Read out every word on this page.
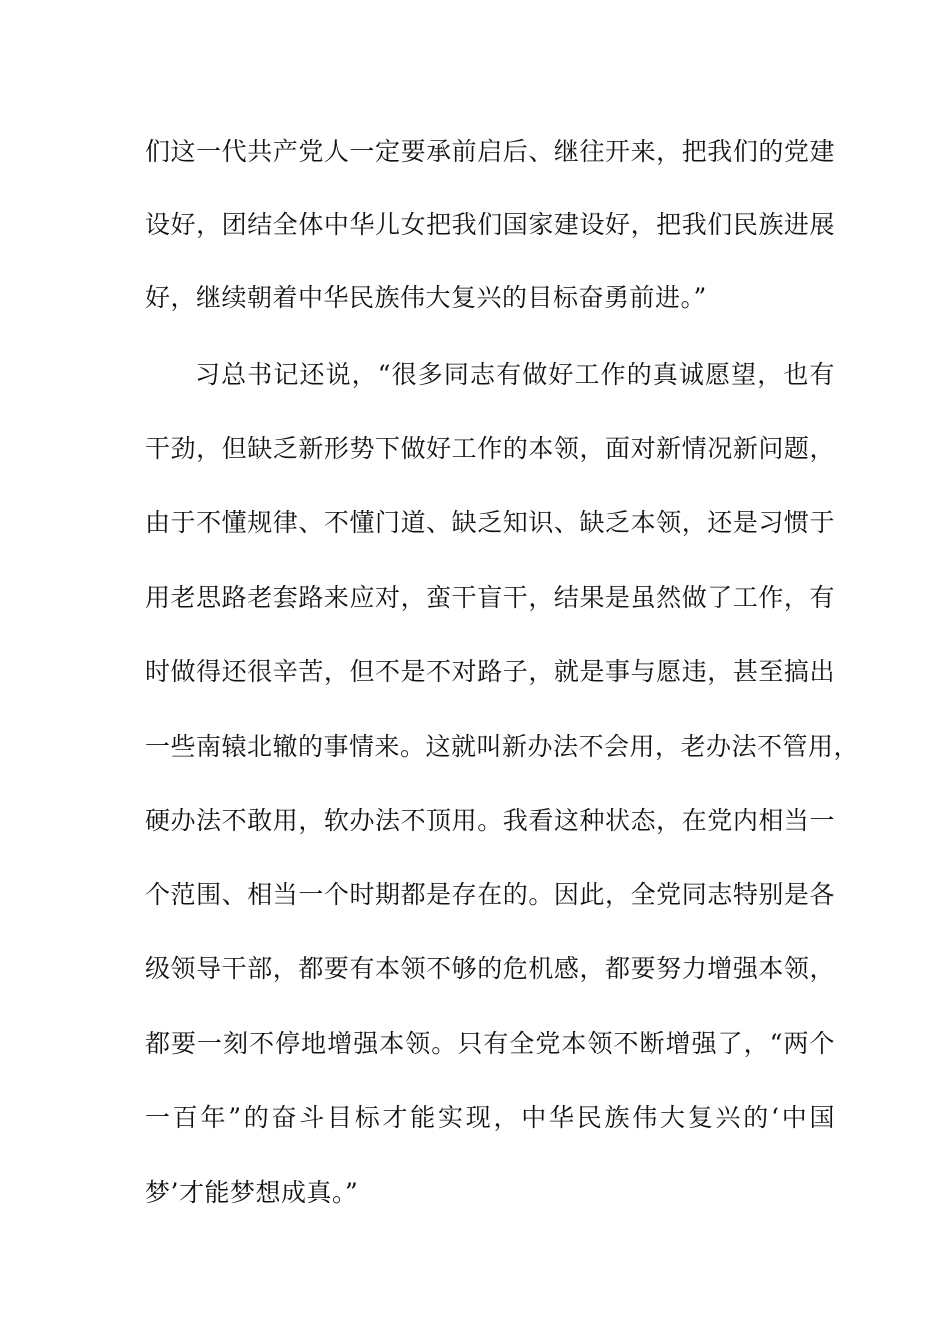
们这一代共产党人一定要承前启后、继往开来，把我们的党建
设好，团结全体中华儿女把我们国家建设好，把我们民族进展
好，继续朝着中华民族伟大复兴的目标奋勇前进。”
习总书记还说，“很多同志有做好工作的真诚愿望，也有
干劲，但缺乏新形势下做好工作的本领，面对新情况新问题，
由于不懂规律、不懂门道、缺乏知识、缺乏本领，还是习惯于
用老思路老套路来应对，蛮干盲干，结果是虽然做了工作，有
时做得还很辛苦，但不是不对路子，就是事与愿违，甚至搞出
一些南辕北辙的事情来。这就叫新办法不会用，老办法不管用，
硬办法不敢用，软办法不顶用。我看这种状态，在党内相当一
个范围、相当一个时期都是存在的。因此，全党同志特别是各
级领导干部，都要有本领不够的危机感，都要努力增强本领，
都要一刻不停地增强本领。只有全党本领不断增强了，“两个
一百年”的奋斗目标才能实现，中华民族伟大复兴的‘中国
梦’才能梦想成真。”
